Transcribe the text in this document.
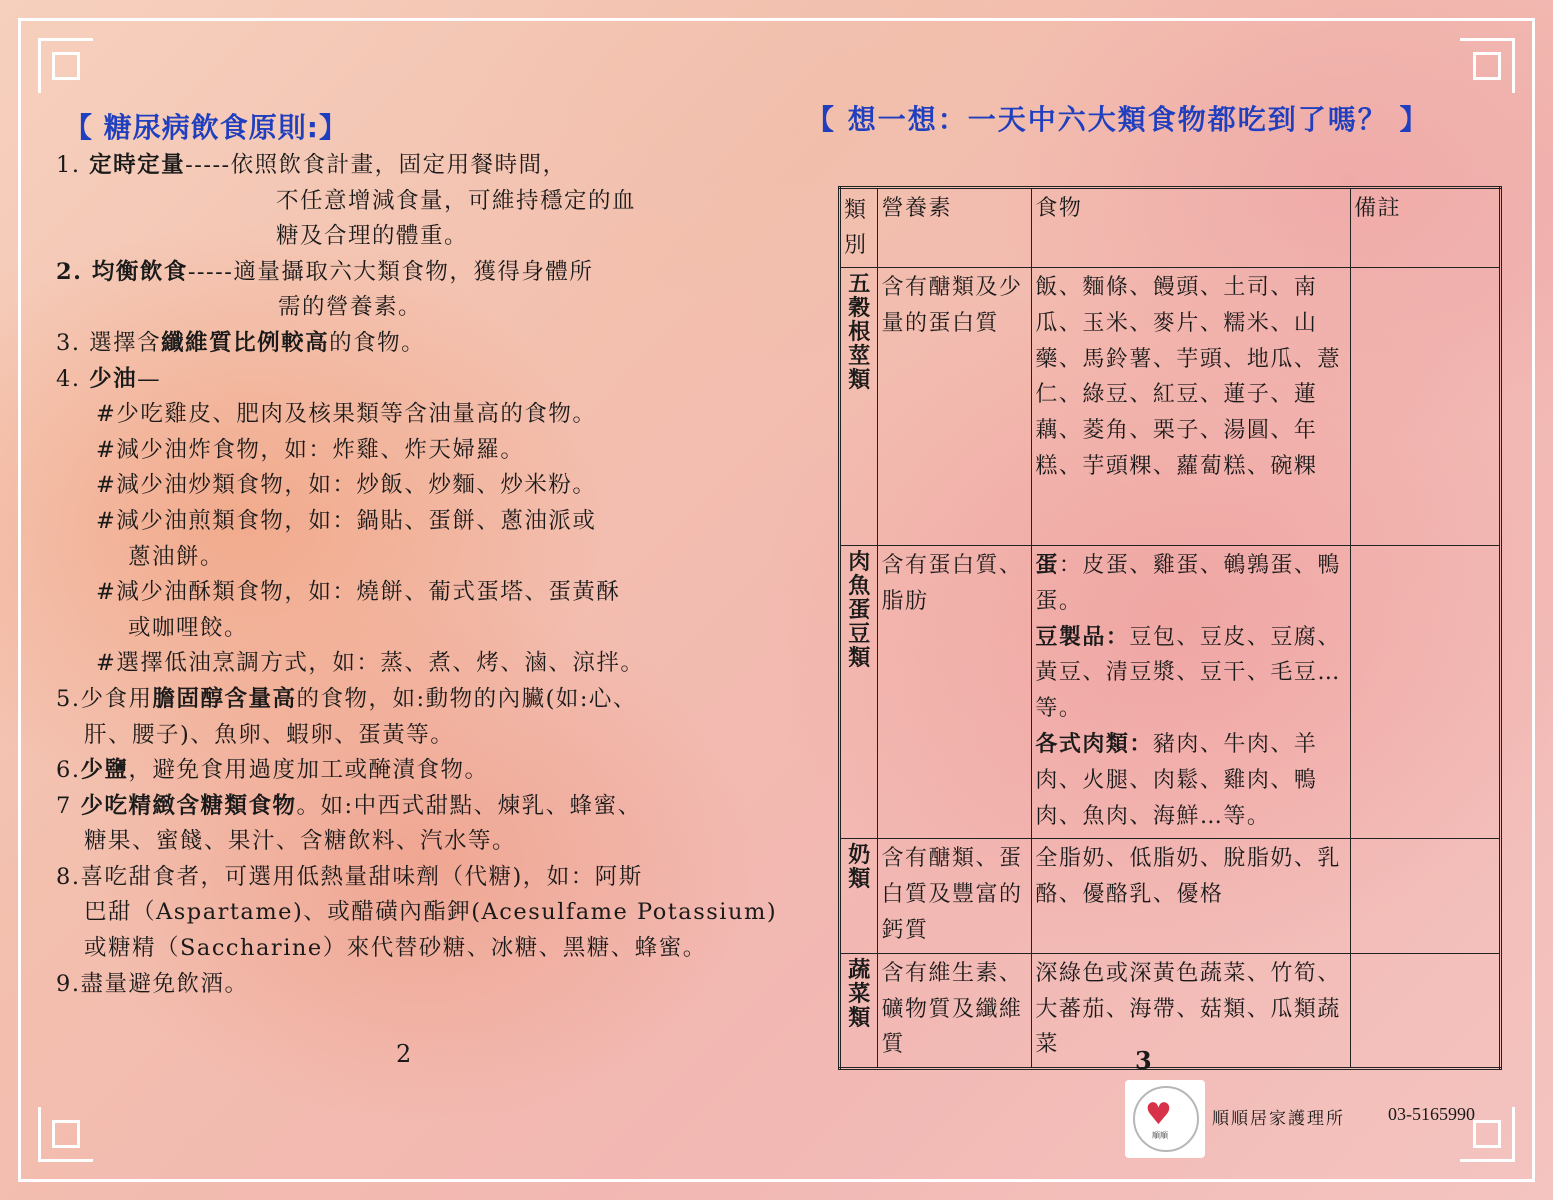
【 糖尿病飲食原則:】
1. 定時定量-----依照飲食計畫，固定用餐時間，
不任意增減食量，可維持穩定的血
糖及合理的體重。
2. 均衡飲食-----適量攝取六大類食物，獲得身體所
需的營養素。
3. 選擇含纖維質比例較高的食物。
4. 少油—
#少吃雞皮、肥肉及核果類等含油量高的食物。
#減少油炸食物，如：炸雞、炸天婦羅。
#減少油炒類食物，如：炒飯、炒麵、炒米粉。
#減少油煎類食物，如：鍋貼、蛋餅、蔥油派或
蔥油餅。
#減少油酥類食物，如：燒餅、葡式蛋塔、蛋黃酥
或咖哩餃。
#選擇低油烹調方式，如：蒸、煮、烤、滷、涼拌。
5.少食用膽固醇含量高的食物，如:動物的內臟(如:心、
肝、腰子)、魚卵、蝦卵、蛋黃等。
6.少鹽，避免食用過度加工或醃漬食物。
7 少吃精緻含糖類食物。如:中西式甜點、煉乳、蜂蜜、
糖果、蜜餞、果汁、含糖飲料、汽水等。
8.喜吃甜食者，可選用低熱量甜味劑（代糖)，如：阿斯
巴甜（Aspartame)、或醋磺內酯鉀(Acesulfame Potassium)
或糖精（Saccharine）來代替砂糖、冰糖、黑糖、蜂蜜。
9.盡量避免飲酒。
2
【 想一想：一天中六大類食物都吃到了嗎？ 】
類別	營養素	食物	備註

五穀根莖類	含有醣類及少量的蛋白質	飯、麵條、饅頭、土司、南瓜、玉米、麥片、糯米、山藥、馬鈴薯、芋頭、地瓜、薏仁、綠豆、紅豆、蓮子、蓮藕、菱角、栗子、湯圓、年糕、芋頭粿、蘿蔔糕、碗粿	

肉魚蛋豆類	含有蛋白質、脂肪	蛋：皮蛋、雞蛋、鵪鶉蛋、鴨蛋。
豆製品：豆包、豆皮、豆腐、黃豆、清豆漿、豆干、毛豆…等。
各式肉類：豬肉、牛肉、羊肉、火腿、肉鬆、雞肉、鴨肉、魚肉、海鮮…等。	

奶類	含有醣類、蛋白質及豐富的鈣質	全脂奶、低脂奶、脫脂奶、乳酪、優酪乳、優格	

蔬菜類	含有維生素、礦物質及纖維質	深綠色或深黃色蔬菜、竹筍、大蕃茄、海帶、菇類、瓜類蔬菜	

3
♥
順順
順順居家護理所 03-5165990
